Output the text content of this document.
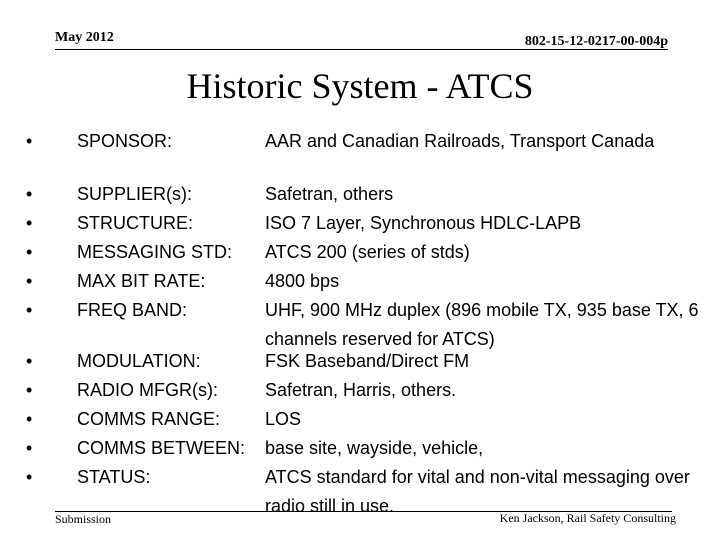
May 2012	802-15-12-0217-00-004p
Historic System - ATCS
• SPONSOR:	AAR and Canadian Railroads, Transport Canada
• SUPPLIER(s):	Safetran, others
• STRUCTURE:	ISO 7 Layer, Synchronous HDLC-LAPB
• MESSAGING STD: ATCS 200 (series of stds)
• MAX BIT RATE:	4800 bps
• FREQ BAND:	UHF, 900 MHz duplex (896 mobile TX, 935 base TX, 6 channels reserved for ATCS)
• MODULATION:	FSK Baseband/Direct FM
• RADIO MFGR(s):	Safetran, Harris, others.
• COMMS RANGE: LOS
• COMMS BETWEEN: base site, wayside, vehicle,
• STATUS:	ATCS standard for vital and non-vital messaging over radio still in use.
Submission	Ken Jackson, Rail Safety Consulting
